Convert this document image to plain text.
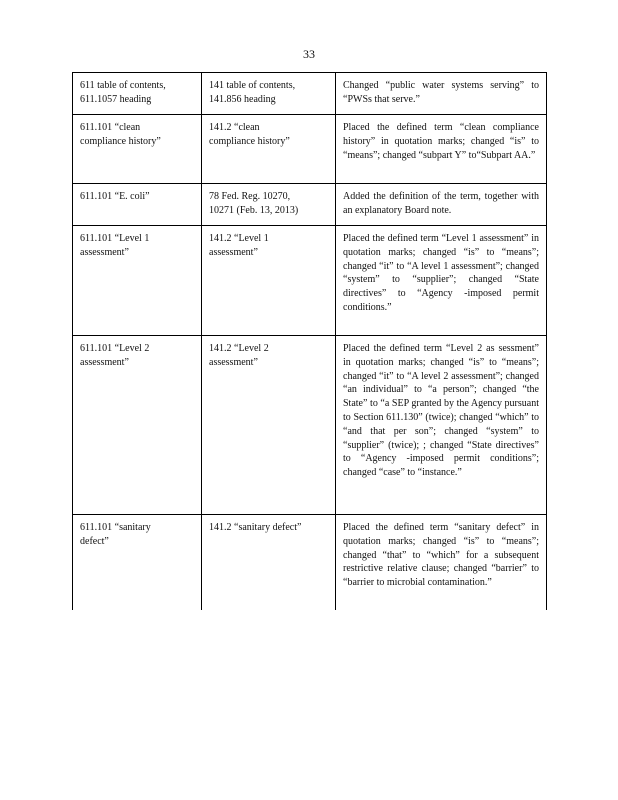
33
611 table of contents,
611.1057 heading	141 table of contents,
141.856 heading	Changed “public water systems serving” to “PWSs that serve.”

611.101 “clean
compliance history”	141.2 “clean
compliance history”	Placed the defined term “clean compliance history” in quotation marks; changed “is” to “means”; changed “subpart Y” to“Subpart AA.”

611.101 “E. coli”	78 Fed. Reg. 10270,
10271 (Feb. 13, 2013)	Added the definition of the term, together with an explanatory Board note.

611.101 “Level 1
assessment”	141.2 “Level 1
assessment”	Placed the defined term “Level 1 assessment” in quotation marks; changed “is” to “means”; changed “it” to “A level 1 assessment”; changed “system” to “supplier”; changed “State directives” to “Agency -imposed permit conditions.”

611.101 “Level 2
assessment”	141.2 “Level 2
assessment”	Placed the defined term “Level 2 as sessment” in quotation marks; changed “is” to “means”; changed “it” to “A level 2 assessment”; changed “an individual” to “a person”; changed “the State” to “a SEP granted by the Agency pursuant to Section 611.130” (twice); changed “which” to “and that per son”; changed “system” to “supplier” (twice); ; changed “State directives” to “Agency -imposed permit conditions”; changed “case” to “instance.”

611.101 “sanitary
defect”	141.2 “sanitary defect”	Placed the defined term “sanitary defect” in quotation marks; changed “is” to “means”; changed “that” to “which” for a subsequent restrictive relative clause; changed “barrier” to “barrier to microbial contamination.”
